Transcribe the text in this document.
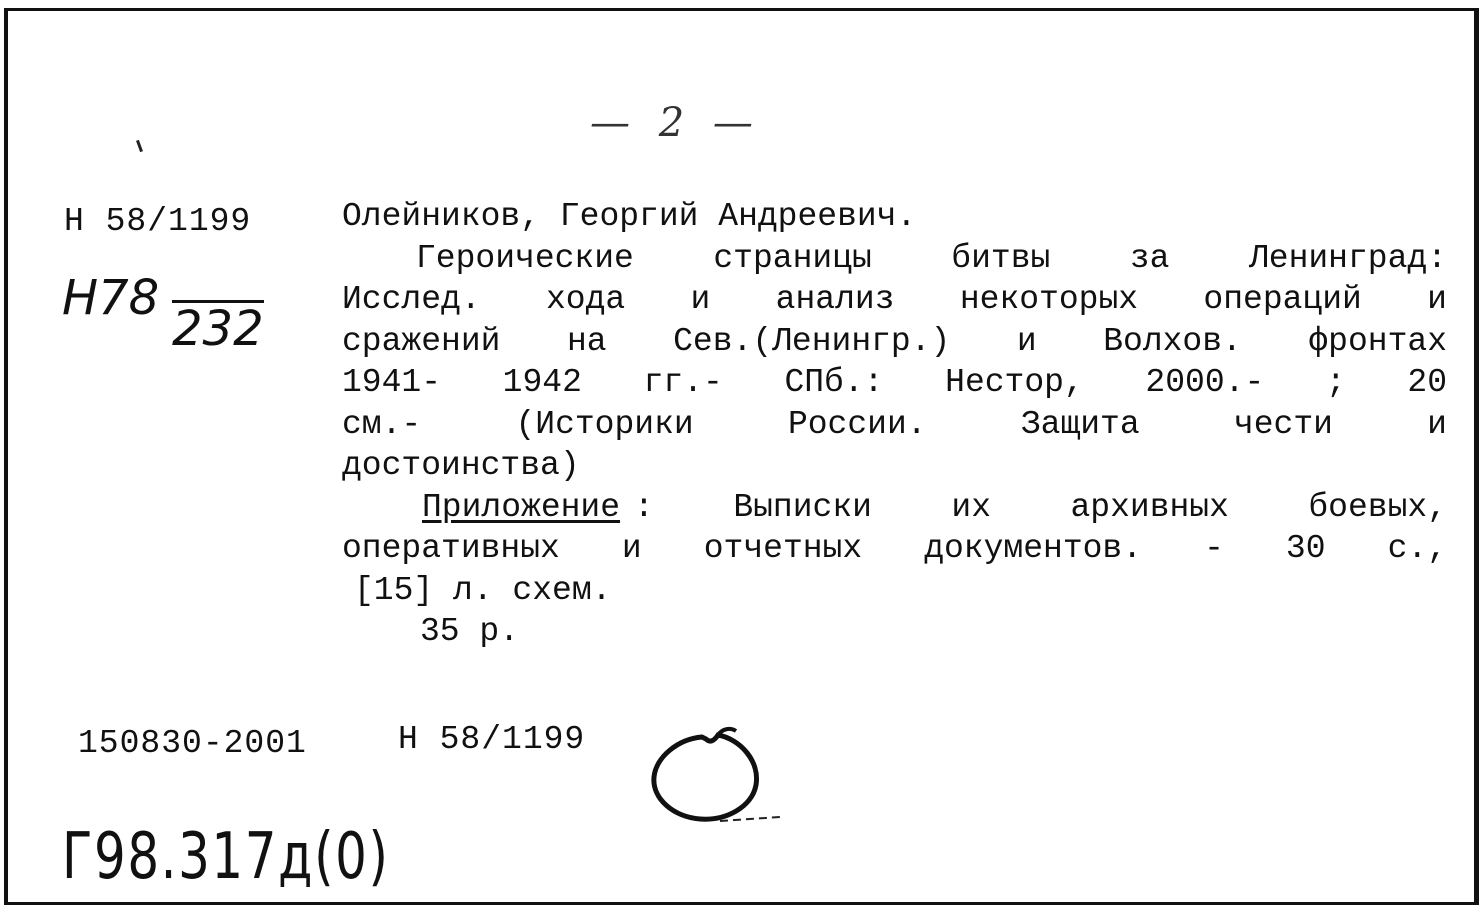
— 2 —
Н 58/1199
Н78
232
Олейников, Георгий Андреевич.
Героические страницы битвы за Ленинград:
Исслед. хода и анализ некоторых операций и
сражений на Сев.(Ленингр.) и Волхов. фронтах
1941- 1942 гг.- СПб.: Нестор, 2000.- ; 20
см.- (Историки России. Защита чести и
достоинства)
Приложение : Выписки их архивных боевых,
оперативных и отчетных документов. - 30 с.,
[15] л. схем.
35 р.
150830-2001	Н 58/1199
Г98.317д(0)
